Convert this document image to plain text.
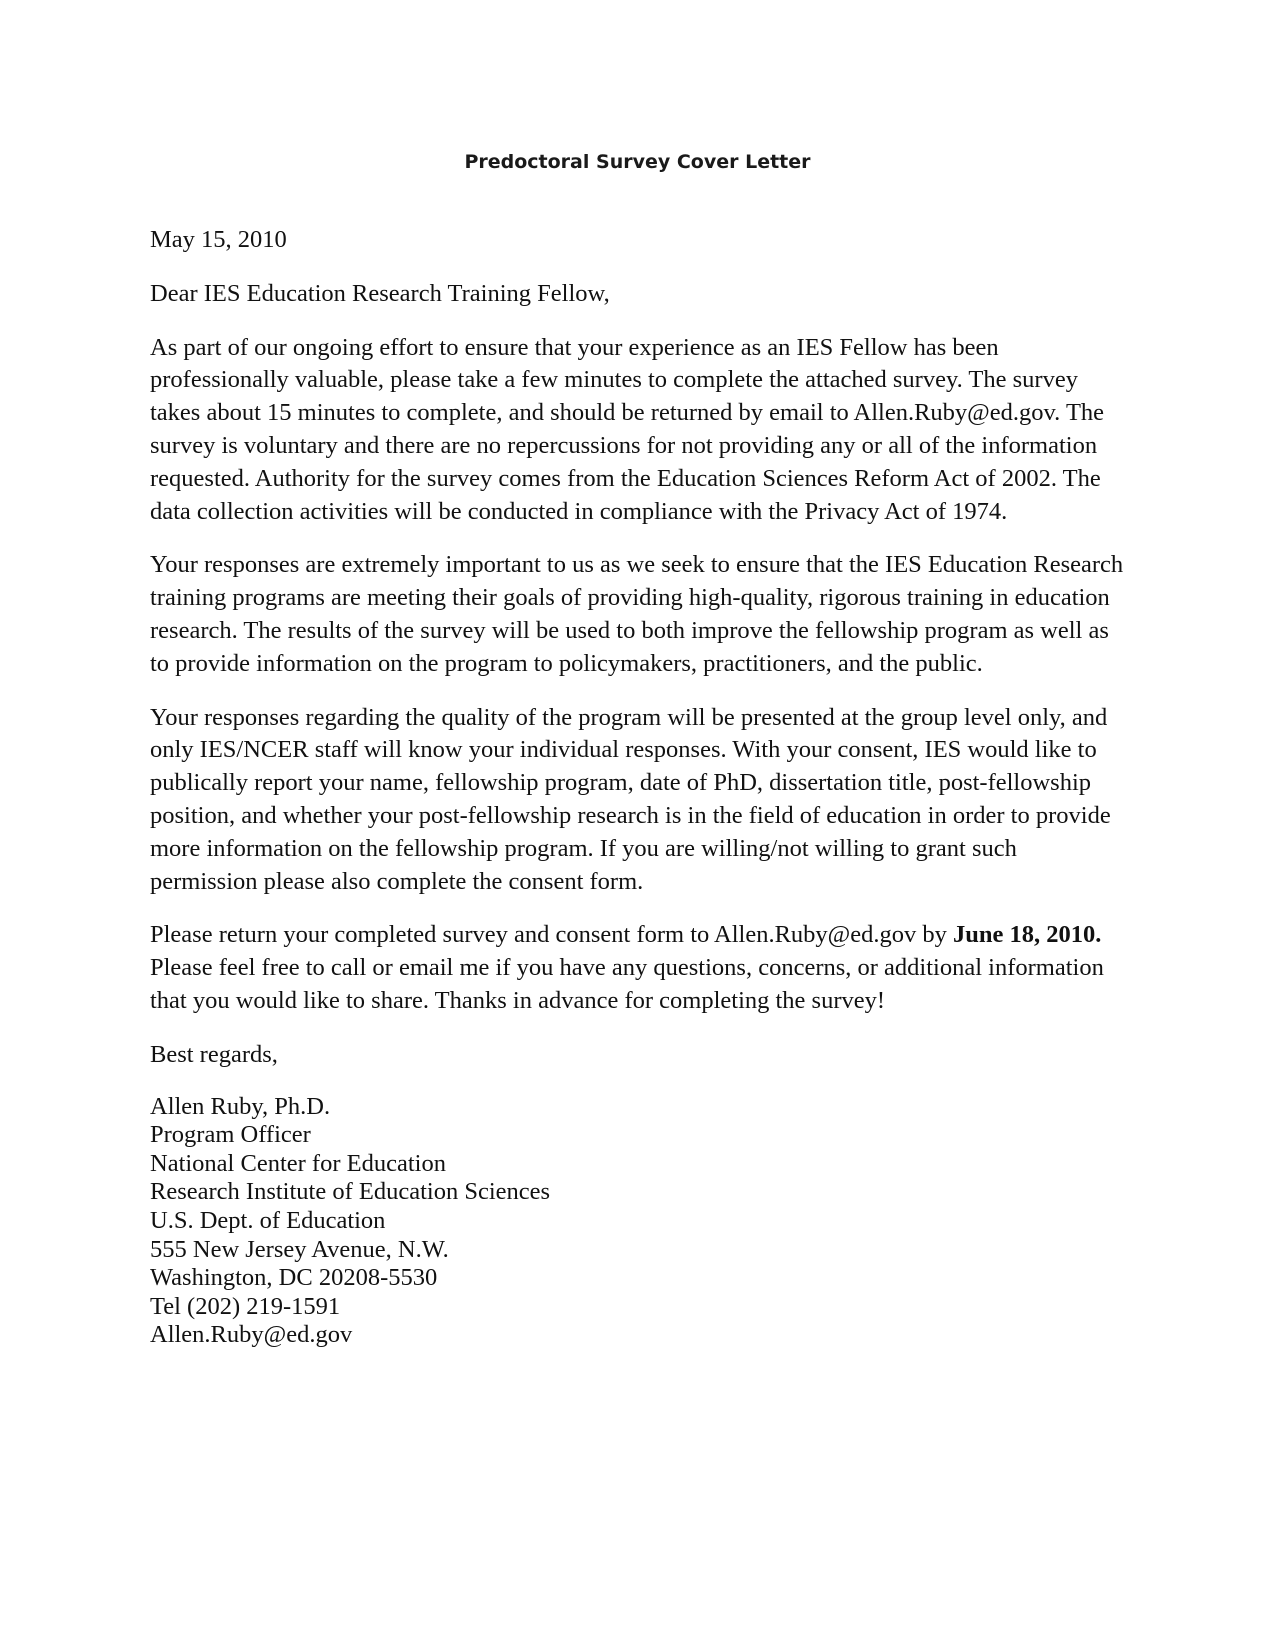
Predoctoral Survey Cover Letter

May 15, 2010

Dear IES Education Research Training Fellow,

As part of our ongoing effort to ensure that your experience as an IES Fellow has been professionally valuable, please take a few minutes to complete the attached survey. The survey takes about 15 minutes to complete, and should be returned by email to Allen.Ruby@ed.gov. The survey is voluntary and there are no repercussions for not providing any or all of the information requested. Authority for the survey comes from the Education Sciences Reform Act of 2002. The data collection activities will be conducted in compliance with the Privacy Act of 1974.

Your responses are extremely important to us as we seek to ensure that the IES Education Research training programs are meeting their goals of providing high-quality, rigorous training in education research. The results of the survey will be used to both improve the fellowship program as well as to provide information on the program to policymakers, practitioners, and the public.

Your responses regarding the quality of the program will be presented at the group level only, and only IES/NCER staff will know your individual responses. With your consent, IES would like to publically report your name, fellowship program, date of PhD, dissertation title, post-fellowship position, and whether your post-fellowship research is in the field of education in order to provide more information on the fellowship program. If you are willing/not willing to grant such permission please also complete the consent form.

Please return your completed survey and consent form to Allen.Ruby@ed.gov by June 18, 2010. Please feel free to call or email me if you have any questions, concerns, or additional information that you would like to share. Thanks in advance for completing the survey!

Best regards,

Allen Ruby, Ph.D.
Program Officer
National Center for Education
Research Institute of Education Sciences
U.S. Dept. of Education
555 New Jersey Avenue, N.W.
Washington, DC 20208-5530
Tel (202) 219-1591
Allen.Ruby@ed.gov
